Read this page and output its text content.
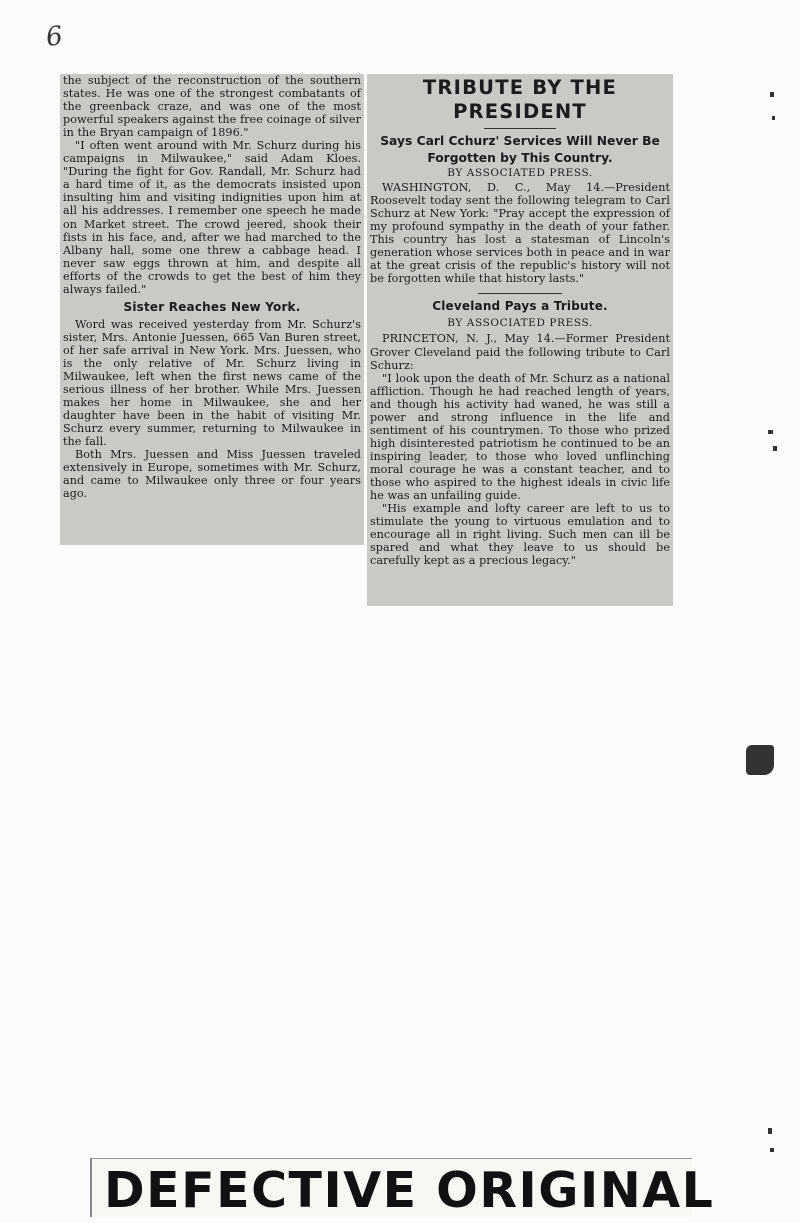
6

the subject of the reconstruction of the southern states. He was one of the strongest combatants of the greenback craze, and was one of the most powerful speakers against the free coinage of silver in the Bryan campaign of 1896."

"I often went around with Mr. Schurz during his campaigns in Milwaukee," said Adam Kloes. "During the fight for Gov. Randall, Mr. Schurz had a hard time of it, as the democrats insisted upon insulting him and visiting indignities upon him at all his addresses. I remember one speech he made on Market street. The crowd jeered, shook their fists in his face, and, after we had marched to the Albany hall, some one threw a cabbage head. I never saw eggs thrown at him, and despite all efforts of the crowds to get the best of him they always failed."

Sister Reaches New York.

Word was received yesterday from Mr. Schurz's sister, Mrs. Antonie Juessen, 665 Van Buren street, of her safe arrival in New York. Mrs. Juessen, who is the only relative of Mr. Schurz living in Milwaukee, left when the first news came of the serious illness of her brother. While Mrs. Juessen makes her home in Milwaukee, she and her daughter have been in the habit of visiting Mr. Schurz every summer, returning to Milwaukee in the fall.

Both Mrs. Juessen and Miss Juessen traveled extensively in Europe, sometimes with Mr. Schurz, and came to Milwaukee only three or four years ago.

TRIBUTE BY THE PRESIDENT
Says Carl Cchurz' Services Will Never Be Forgotten by This Country.
BY ASSOCIATED PRESS.

WASHINGTON, D. C., May 14.—President Roosevelt today sent the following telegram to Carl Schurz at New York: "Pray accept the expression of my profound sympathy in the death of your father. This country has lost a statesman of Lincoln's generation whose services both in peace and in war at the great crisis of the republic's history will not be forgotten while that history lasts."

Cleveland Pays a Tribute.
BY ASSOCIATED PRESS.

PRINCETON, N. J., May 14.—Former President Grover Cleveland paid the following tribute to Carl Schurz:

"I look upon the death of Mr. Schurz as a national affliction. Though he had reached length of years, and though his activity had waned, he was still a power and strong influence in the life and sentiment of his countrymen. To those who prized high disinterested patriotism he continued to be an inspiring leader, to those who loved unflinching moral courage he was a constant teacher, and to those who aspired to the highest ideals in civic life he was an unfailing guide.

"His example and lofty career are left to us to stimulate the young to virtuous emulation and to encourage all in right living. Such men can ill be spared and what they leave to us should be carefully kept as a precious legacy."

DEFECTIVE ORIGINAL
